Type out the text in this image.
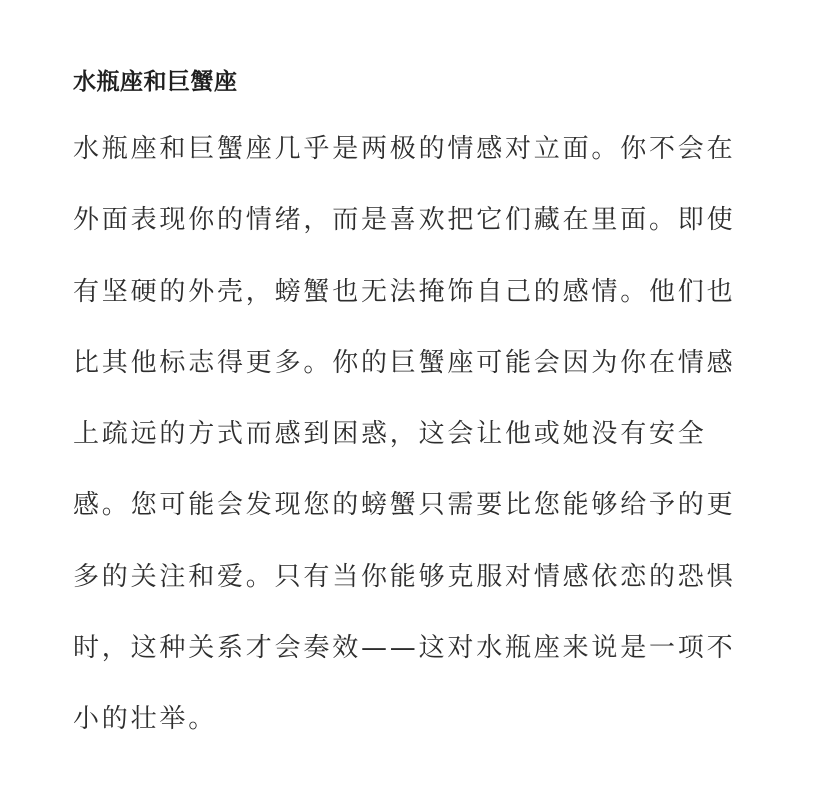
水瓶座和巨蟹座

水瓶座和巨蟹座几乎是两极的情感对立面。你不会在
外面表现你的情绪，而是喜欢把它们藏在里面。即使
有坚硬的外壳，螃蟹也无法掩饰自己的感情。他们也
比其他标志得更多。你的巨蟹座可能会因为你在情感
上疏远的方式而感到困惑，这会让他或她没有安全
感。您可能会发现您的螃蟹只需要比您能够给予的更
多的关注和爱。只有当你能够克服对情感依恋的恐惧
时，这种关系才会奏效——这对水瓶座来说是一项不
小的壮举。
